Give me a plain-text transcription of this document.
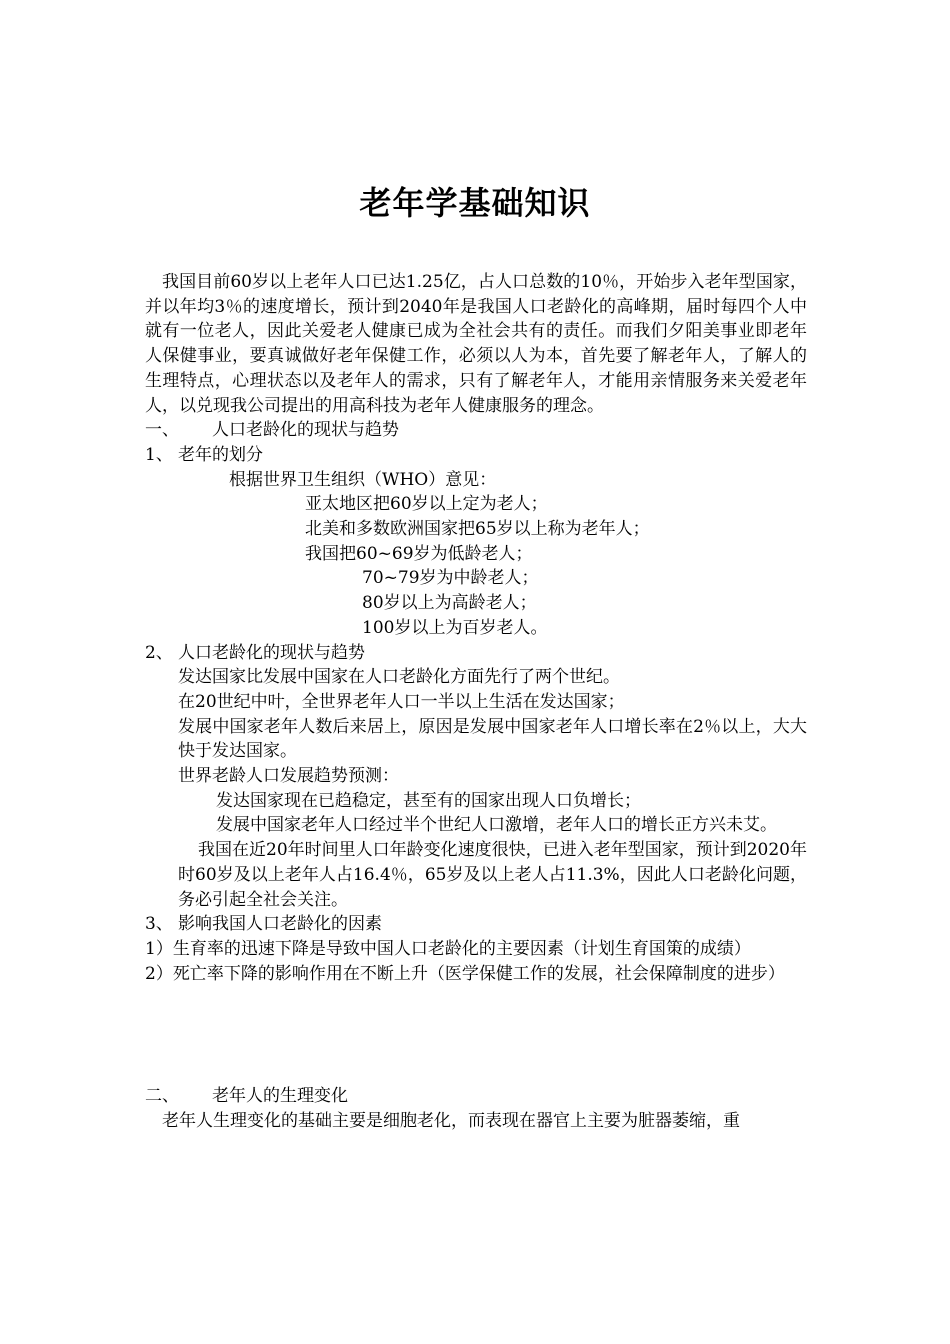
老年学基础知识

我国目前60岁以上老年人口已达1.25亿，占人口总数的10％，开始步入老年型国家，并以年均3％的速度增长，预计到2040年是我国人口老龄化的高峰期，届时每四个人中就有一位老人，因此关爱老人健康已成为全社会共有的责任。而我们夕阳美事业即老年人保健事业，要真诚做好老年保健工作，必须以人为本，首先要了解老年人，了解人的生理特点，心理状态以及老年人的需求，只有了解老年人，才能用亲情服务来关爱老年人，以兑现我公司提出的用高科技为老年人健康服务的理念。

一、	人口老龄化的现状与趋势
1、 老年的划分

根据世界卫生组织（WHO）意见：

亚太地区把60岁以上定为老人；

北美和多数欧洲国家把65岁以上称为老年人；

我国把60~69岁为低龄老人；

70~79岁为中龄老人；

80岁以上为高龄老人；

100岁以上为百岁老人。

2、 人口老龄化的现状与趋势

发达国家比发展中国家在人口老龄化方面先行了两个世纪。

在20世纪中叶，全世界老年人口一半以上生活在发达国家；

发展中国家老年人数后来居上，原因是发展中国家老年人口增长率在2％以上，大大快于发达国家。

世界老龄人口发展趋势预测：

发达国家现在已趋稳定，甚至有的国家出现人口负增长；

发展中国家老年人口经过半个世纪人口激增，老年人口的增长正方兴未艾。

我国在近20年时间里人口年龄变化速度很快，已进入老年型国家，预计到2020年时60岁及以上老年人占16.4％，65岁及以上老人占11.3%，因此人口老龄化问题，务必引起全社会关注。

3、 影响我国人口老龄化的因素

1）生育率的迅速下降是导致中国人口老龄化的主要因素（计划生育国策的成绩）

2）死亡率下降的影响作用在不断上升（医学保健工作的发展，社会保障制度的进步）

二、	老年人的生理变化

老年人生理变化的基础主要是细胞老化，而表现在器官上主要为脏器萎缩，重
